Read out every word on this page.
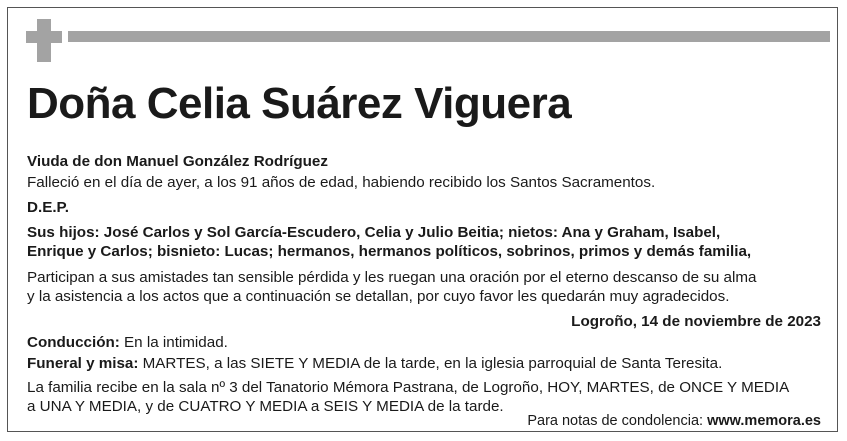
Doña Celia Suárez Viguera

Viuda de don Manuel González Rodríguez

Falleció en el día de ayer, a los 91 años de edad, habiendo recibido los Santos Sacramentos.

D.E.P.

Sus hijos: José Carlos y Sol García-Escudero, Celia y Julio Beitia; nietos: Ana y Graham, Isabel,

Enrique y Carlos; bisnieto: Lucas; hermanos, hermanos políticos, sobrinos, primos y demás familia,

Participan a sus amistades tan sensible pérdida y les ruegan una oración por el eterno descanso de su alma

y la asistencia a los actos que a continuación se detallan, por cuyo favor les quedarán muy agradecidos.

Logroño, 14 de noviembre de 2023

Conducción: En la intimidad.

Funeral y misa: MARTES, a las SIETE Y MEDIA de la tarde, en la iglesia parroquial de Santa Teresita.

La familia recibe en la sala nº 3 del Tanatorio Mémora Pastrana, de Logroño, HOY, MARTES, de ONCE Y MEDIA

a UNA Y MEDIA, y de CUATRO Y MEDIA a SEIS Y MEDIA de la tarde.

Para notas de condolencia: www.memora.es
